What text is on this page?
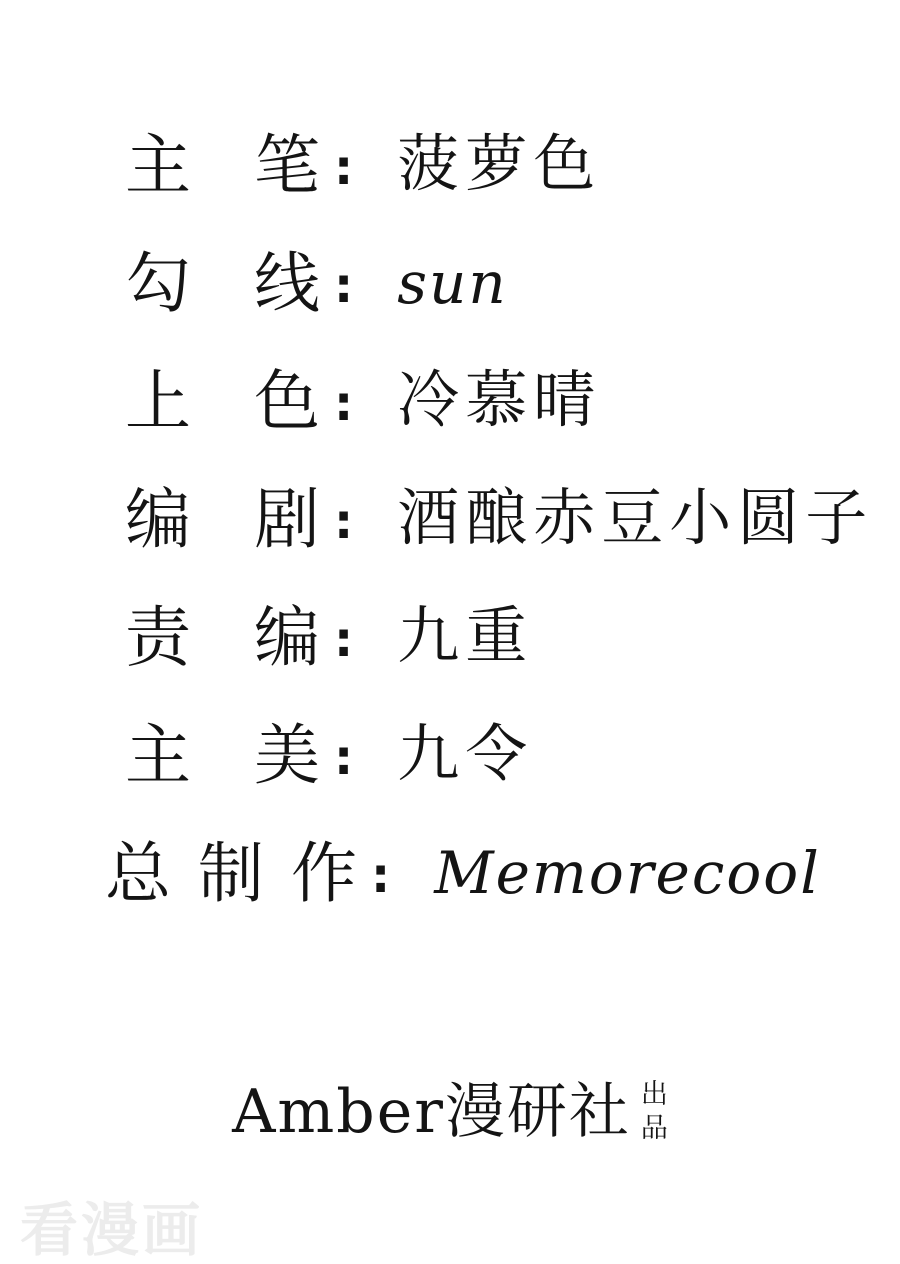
主 笔 : 菠萝色
勾 线 : sun
上 色 : 冷慕晴
编 剧 : 酒酿赤豆小圆子
责 编 : 九重
主 美 : 九令
总 制 作 : Memorecool
Amber漫研社 出
品
看漫画
